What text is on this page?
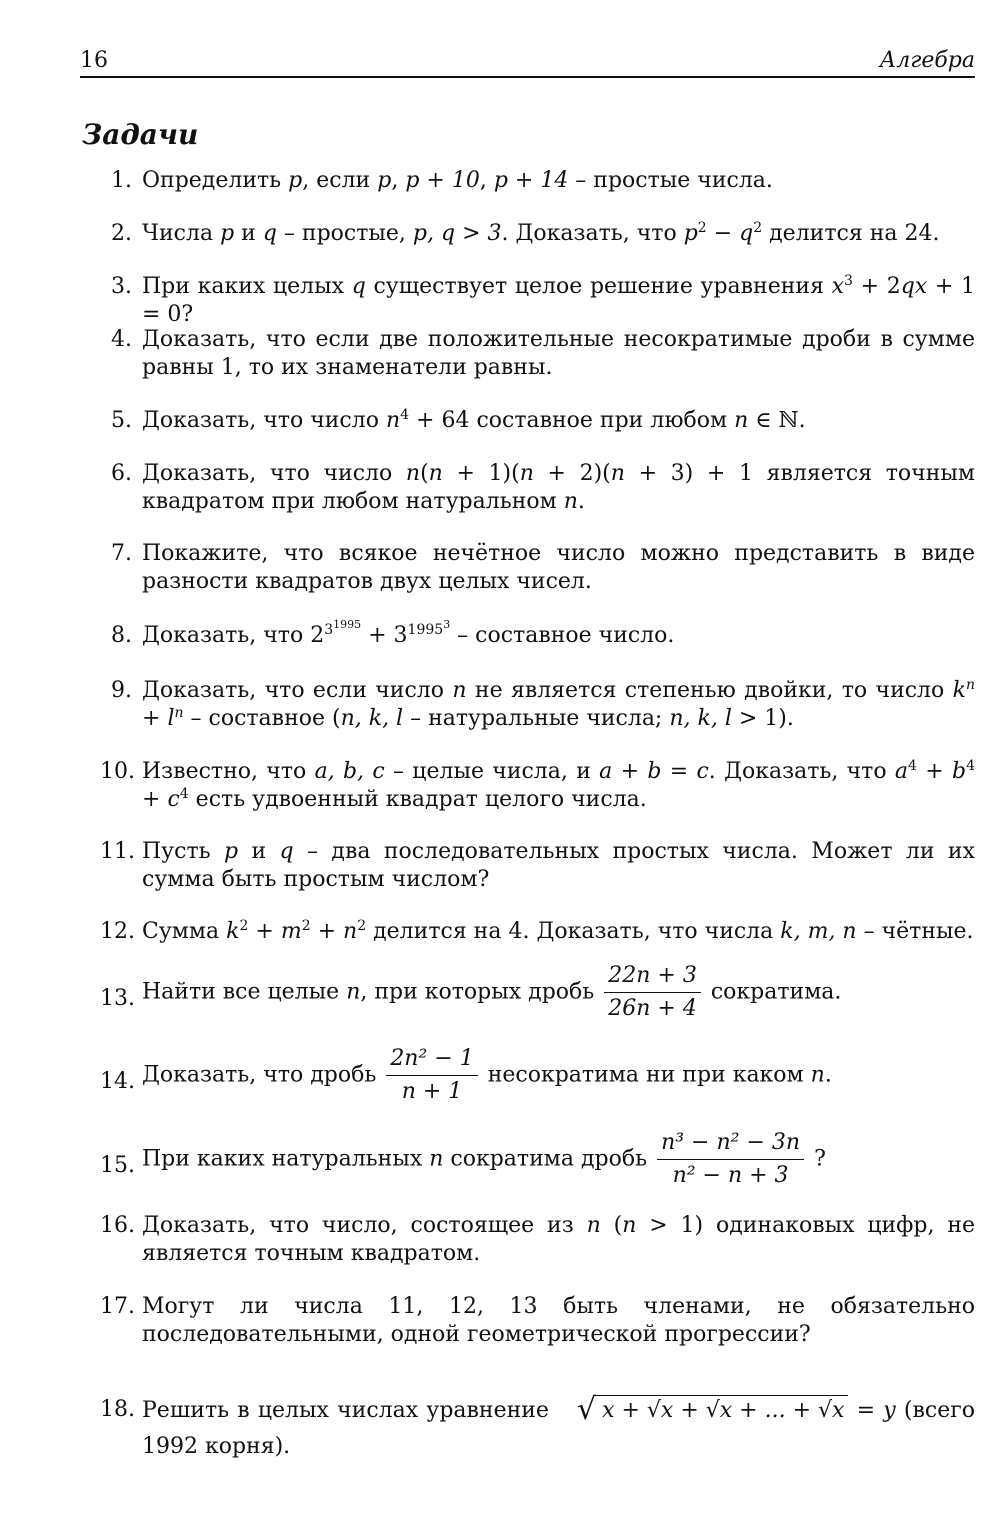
16	Алгебра
Задачи
1. Определить p, если p, p + 10, p + 14 – простые числа.
2. Числа p и q – простые, p, q > 3. Доказать, что $p^2 - q^2$ делится на 24.
3. При каких целых q существует целое решение уравнения $x^3 + 2qx + 1 = 0$?
4. Доказать, что если две положительные несократимые дроби в сумме равны 1, то их знаменатели равны.
5. Доказать, что число $n^4 + 64$ составное при любом n ∈ ℕ.
6. Доказать, что число n(n + 1)(n + 2)(n + 3) + 1 является точным квадратом при любом натуральном n.
7. Покажите, что всякое нечётное число можно представить в виде разности квадратов двух целых чисел.
8. Доказать, что $2^{3^{1995}} + 3^{1995^3}$ – составное число.
9. Доказать, что если число n не является степенью двойки, то число $k^n + l^n$ – составное (n, k, l – натуральные числа; n, k, l > 1).
10. Известно, что a, b, c – целые числа, и a + b = c. Доказать, что $a^4 + b^4 + c^4$ есть удвоенный квадрат целого числа.
11. Пусть p и q – два последовательных простых числа. Может ли их сумма быть простым числом?
12. Сумма $k^2 + m^2 + n^2$ делится на 4. Доказать, что числа k, m, n – чётные.
13. Найти все целые n, при которых дробь $\frac{22n + 3}{26n + 4}$ сократима.
14. Доказать, что дробь $\frac{\text{2n² − 1}}{n + 1}$ несократима ни при каком n.
15. При каких натуральных n сократима дробь $\frac{\text{n³ − n² − 3n}}{\text{n² − n + 3}}$ ?
16. Доказать, что число, состоящее из n (n > 1) одинаковых цифр, не является точным квадратом.
17. Могут ли числа 11, 12, 13 быть членами, не обязательно последовательными, одной геометрической прогрессии?
18. Решить в целых числах уравнение √ x + √x + √x + ... + √x = y (всего 1992 корня).
